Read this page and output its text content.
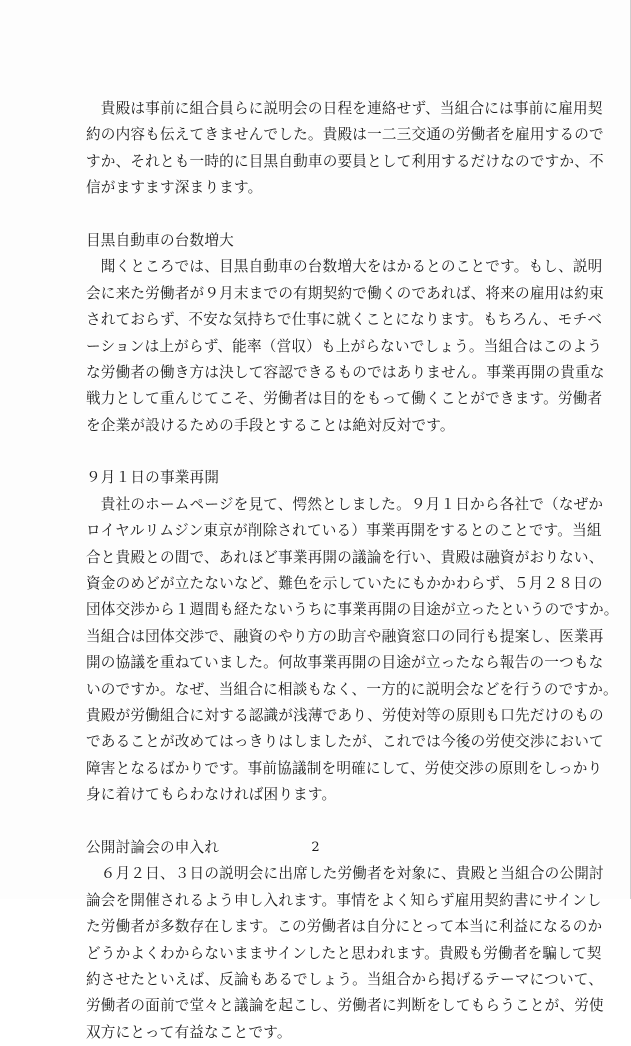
　貴殿は事前に組合員らに説明会の日程を連絡せず、当組合には事前に雇用契
約の内容も伝えてきませんでした。貴殿は一二三交通の労働者を雇用するので
すか、それとも一時的に目黒自動車の要員として利用するだけなのですか、不
信がますます深まります。
目黒自動車の台数増大
　聞くところでは、目黒自動車の台数増大をはかるとのことです。もし、説明
会に来た労働者が９月末までの有期契約で働くのであれば、将来の雇用は約束
されておらず、不安な気持ちで仕事に就くことになります。もちろん、モチベ
ーションは上がらず、能率（営収）も上がらないでしょう。当組合はこのよう
な労働者の働き方は決して容認できるものではありません。事業再開の貴重な
戦力として重んじてこそ、労働者は目的をもって働くことができます。労働者
を企業が設けるための手段とすることは絶対反対です。
９月１日の事業再開
　貴社のホームページを見て、愕然としました。９月１日から各社で（なぜか
ロイヤルリムジン東京が削除されている）事業再開をするとのことです。当組
合と貴殿との間で、あれほど事業再開の議論を行い、貴殿は融資がおりない、
資金のめどが立たないなど、難色を示していたにもかかわらず、５月２８日の
団体交渉から１週間も経たないうちに事業再開の目途が立ったというのですか。
当組合は団体交渉で、融資のやり方の助言や融資窓口の同行も提案し、医業再
開の協議を重ねていました。何故事業再開の目途が立ったなら報告の一つもな
いのですか。なぜ、当組合に相談もなく、一方的に説明会などを行うのですか。
貴殿が労働組合に対する認識が浅薄であり、労使対等の原則も口先だけのもの
であることが改めてはっきりはしましたが、これでは今後の労使交渉において
障害となるばかりです。事前協議制を明確にして、労使交渉の原則をしっかり
身に着けてもらわなければ困ります。
公開討論会の申入れ
　６月２日、３日の説明会に出席した労働者を対象に、貴殿と当組合の公開討
論会を開催されるよう申し入れます。事情をよく知らず雇用契約書にサインし
た労働者が多数存在します。この労働者は自分にとって本当に利益になるのか
どうかよくわからないままサインしたと思われます。貴殿も労働者を騙して契
約させたといえば、反論もあるでしょう。当組合から掲げるテーマについて、
労働者の面前で堂々と議論を起こし、労働者に判断をしてもらうことが、労使
双方にとって有益なことです。
2
